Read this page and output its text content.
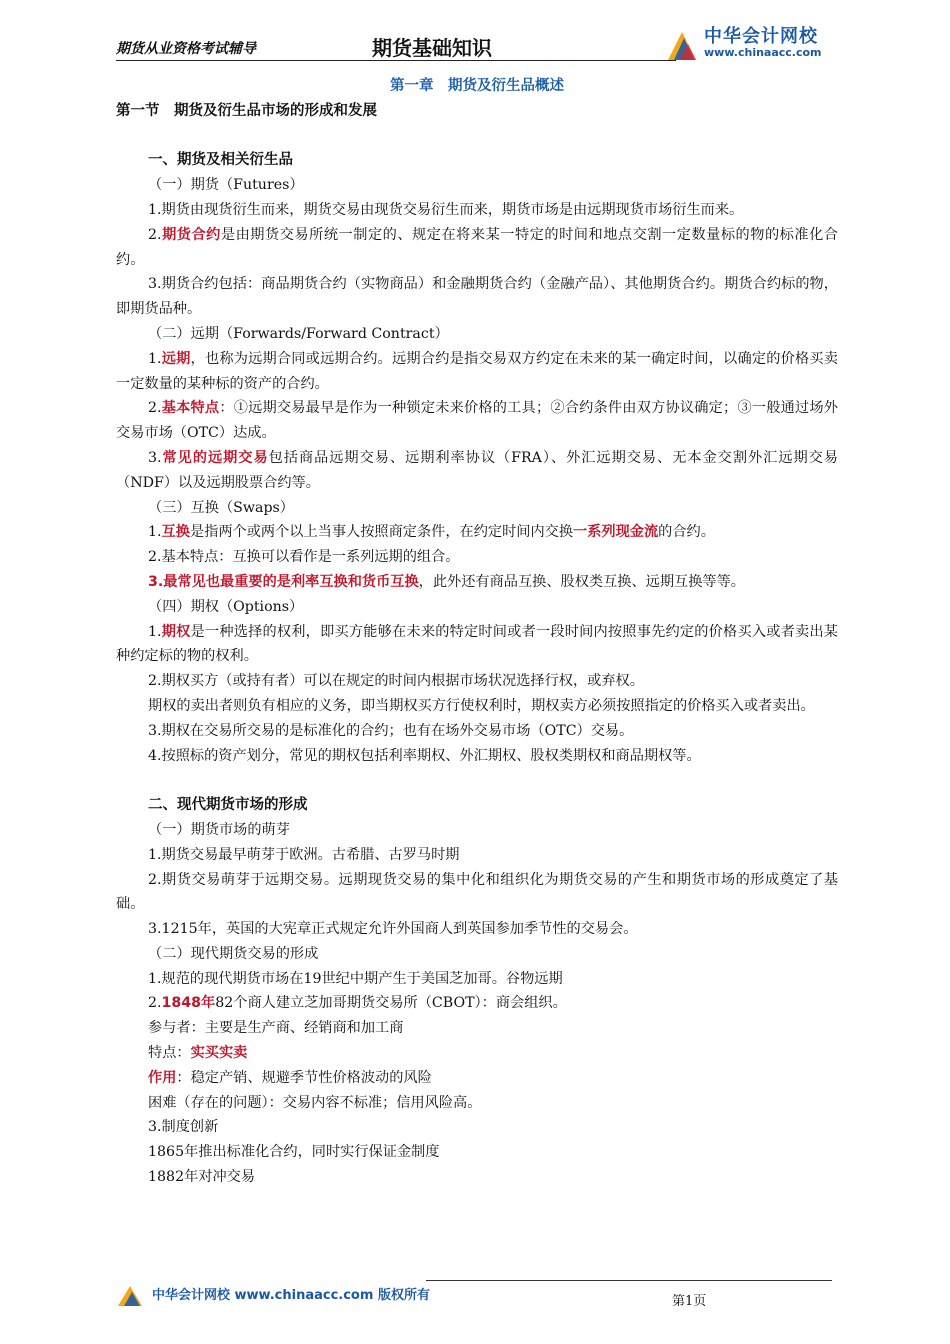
期货从业资格考试辅导	期货基础知识	中华会计网校
www.chinaacc.com
第一章　期货及衍生品概述
第一节　期货及衍生品市场的形成和发展
一、期货及相关衍生品
（一）期货（Futures）
1.期货由现货衍生而来，期货交易由现货交易衍生而来，期货市场是由远期现货市场衍生而来。
2.期货合约是由期货交易所统一制定的、规定在将来某一特定的时间和地点交割一定数量标的物的标准化合约。
3.期货合约包括：商品期货合约（实物商品）和金融期货合约（金融产品）、其他期货合约。期货合约标的物，即期货品种。
（二）远期（Forwards/Forward Contract）
1.远期，也称为远期合同或远期合约。远期合约是指交易双方约定在未来的某一确定时间，以确定的价格买卖一定数量的某种标的资产的合约。
2.基本特点：①远期交易最早是作为一种锁定未来价格的工具；②合约条件由双方协议确定；③一般通过场外交易市场（OTC）达成。
3.常见的远期交易包括商品远期交易、远期利率协议（FRA）、外汇远期交易、无本金交割外汇远期交易（NDF）以及远期股票合约等。
（三）互换（Swaps）
1.互换是指两个或两个以上当事人按照商定条件，在约定时间内交换一系列现金流的合约。
2.基本特点：互换可以看作是一系列远期的组合。
3.最常见也最重要的是利率互换和货币互换，此外还有商品互换、股权类互换、远期互换等等。
（四）期权（Options）
1.期权是一种选择的权利，即买方能够在未来的特定时间或者一段时间内按照事先约定的价格买入或者卖出某种约定标的物的权利。
2.期权买方（或持有者）可以在规定的时间内根据市场状况选择行权，或弃权。
期权的卖出者则负有相应的义务，即当期权买方行使权利时，期权卖方必须按照指定的价格买入或者卖出。
3.期权在交易所交易的是标准化的合约；也有在场外交易市场（OTC）交易。
4.按照标的资产划分，常见的期权包括利率期权、外汇期权、股权类期权和商品期权等。
二、现代期货市场的形成
（一）期货市场的萌芽
1.期货交易最早萌芽于欧洲。古希腊、古罗马时期
2.期货交易萌芽于远期交易。远期现货交易的集中化和组织化为期货交易的产生和期货市场的形成奠定了基础。
3.1215年，英国的大宪章正式规定允许外国商人到英国参加季节性的交易会。
（二）现代期货交易的形成
1.规范的现代期货市场在19世纪中期产生于美国芝加哥。谷物远期
2.1848年82个商人建立芝加哥期货交易所（CBOT）：商会组织。
参与者：主要是生产商、经销商和加工商
特点：实买实卖
作用：稳定产销、规避季节性价格波动的风险
困难（存在的问题）：交易内容不标准；信用风险高。
3.制度创新
1865年推出标准化合约，同时实行保证金制度
1882年对冲交易
中华会计网校 www.chinaacc.com 版权所有	第1页
